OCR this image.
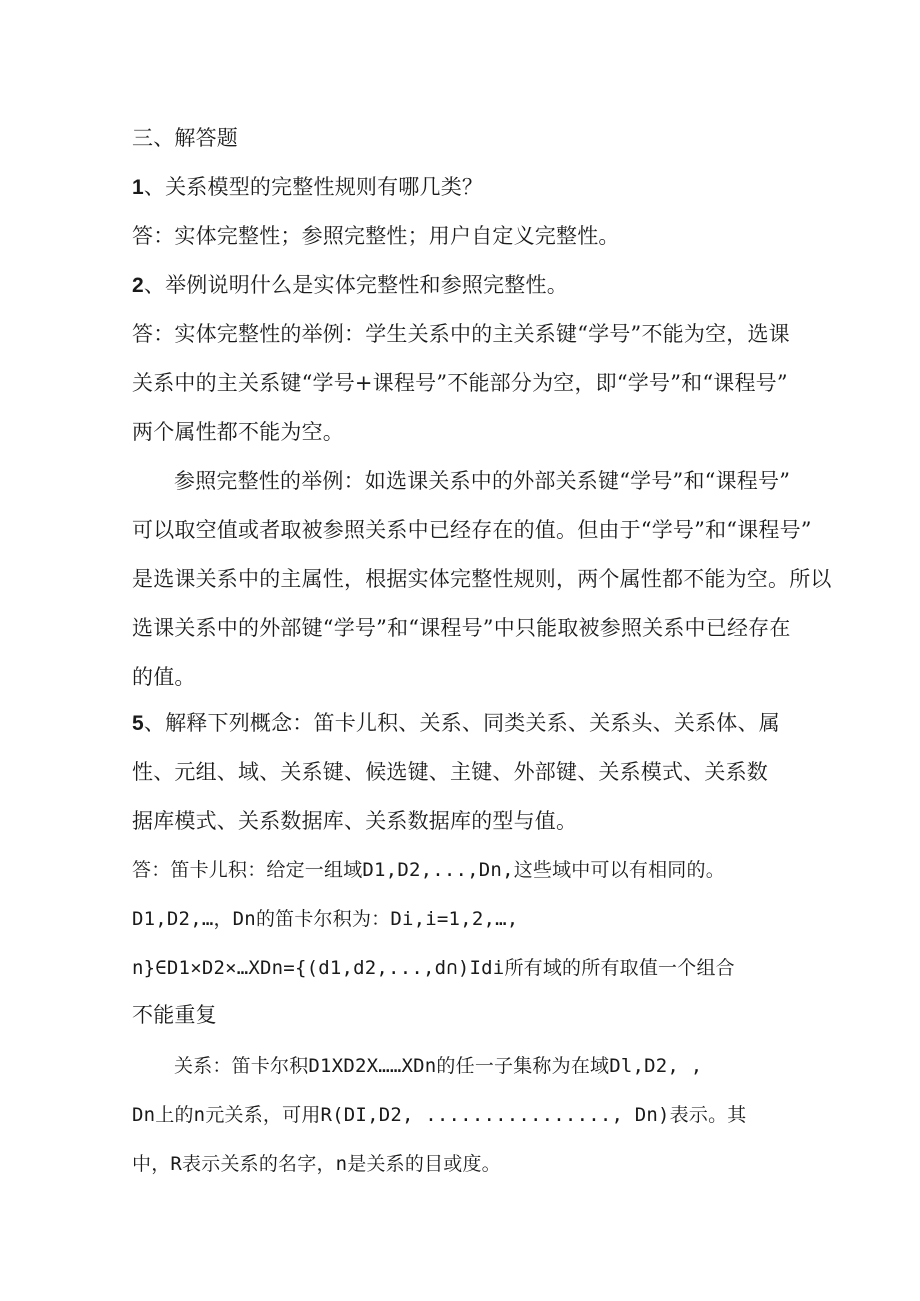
三、解答题
1、关系模型的完整性规则有哪几类？
答：实体完整性；参照完整性；用户自定义完整性。
2、举例说明什么是实体完整性和参照完整性。
答：实体完整性的举例：学生关系中的主关系键“学号”不能为空，选课
关系中的主关系键“学号+课程号”不能部分为空，即“学号”和“课程号”
两个属性都不能为空。
参照完整性的举例：如选课关系中的外部关系键“学号”和“课程号”
可以取空值或者取被参照关系中已经存在的值。但由于“学号”和“课程号”
是选课关系中的主属性，根据实体完整性规则，两个属性都不能为空。所以
选课关系中的外部键“学号”和“课程号”中只能取被参照关系中已经存在
的值。
5、解释下列概念：笛卡儿积、关系、同类关系、关系头、关系体、属
性、元组、域、关系键、候选键、主键、外部键、关系模式、关系数
据库模式、关系数据库、关系数据库的型与值。
答：笛卡儿积：给定一组域D1,D2,...,Dn,这些域中可以有相同的。
D1,D2,…，Dn的笛卡尔积为：Di,i=1,2,…,
n}∈D1×D2×…XDn={(d1,d2,...,d∩)Idi所有域的所有取值一个组合
不能重复
关系：笛卡尔积D1XD2X……XDn的任一子集称为在域Dl,D2, ,
Dn上的n元关系，可用R(DI,D2, ................, Dn)表示。其
中，R表示关系的名字，n是关系的目或度。
